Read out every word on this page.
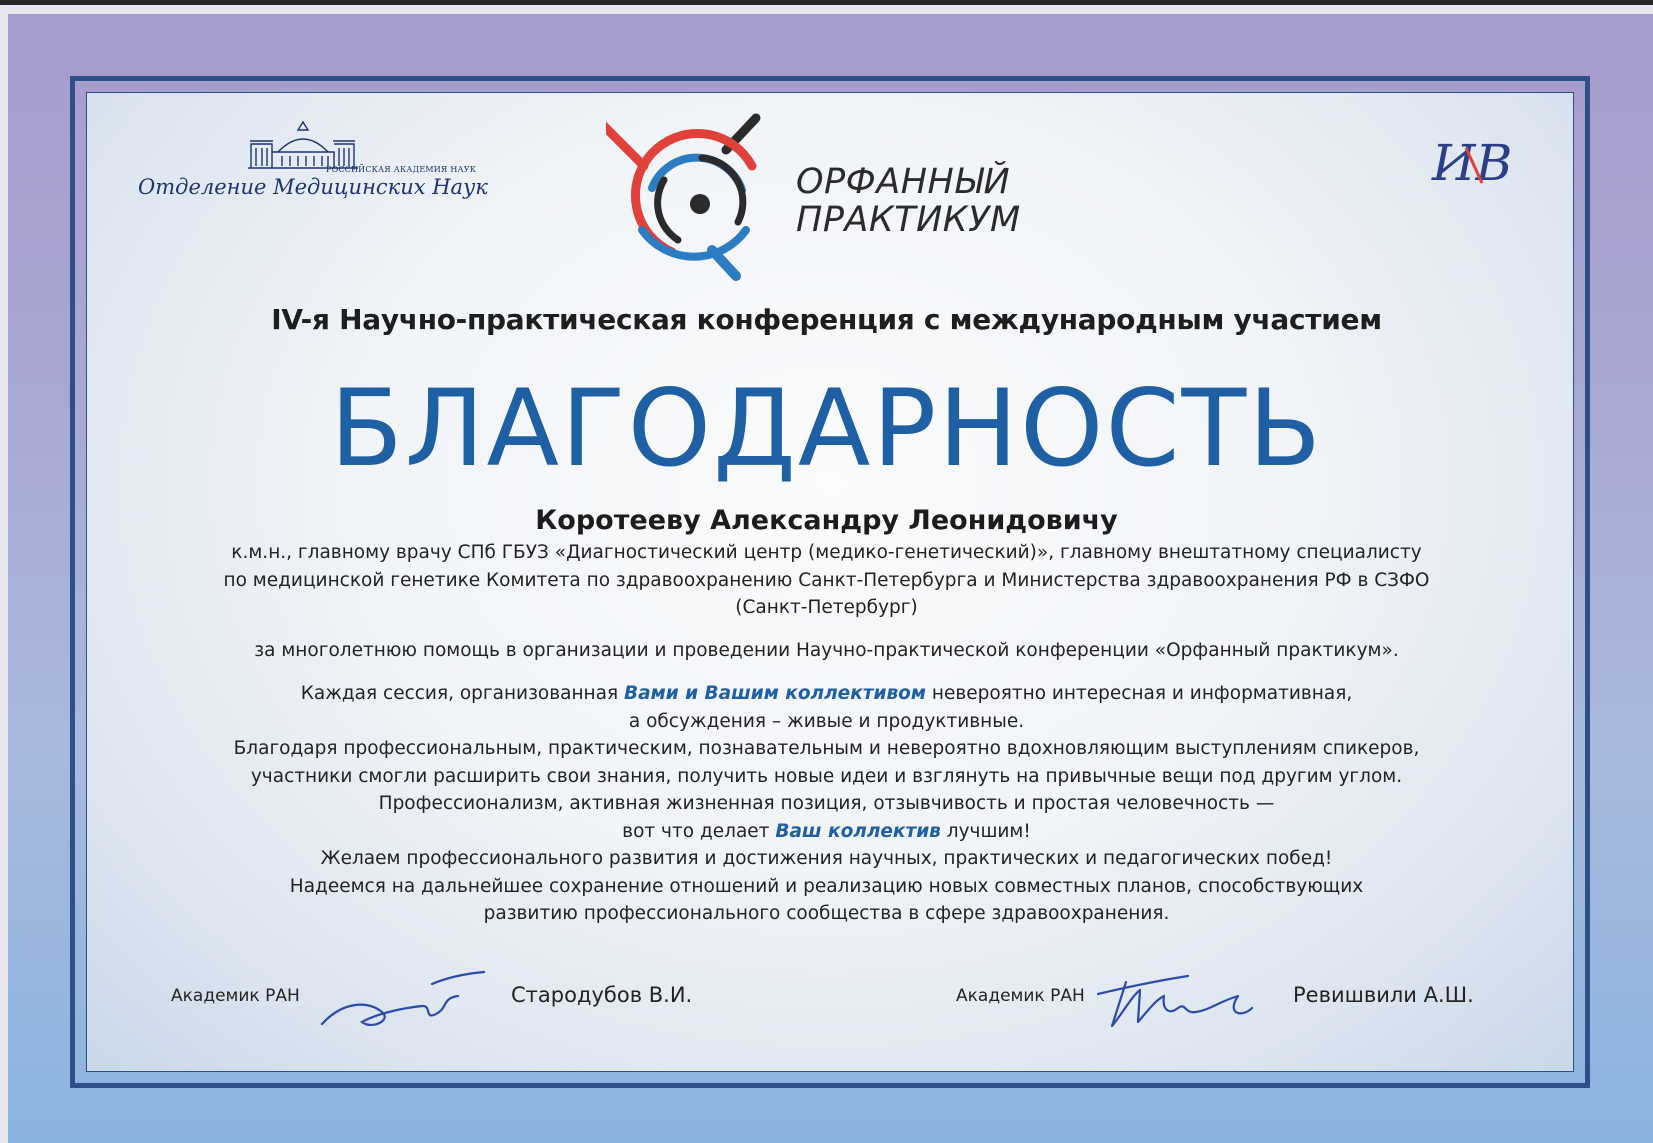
РОССИЙСКАЯ АКАДЕМИЯ НАУК
Отделение Медицинских Наук	ИВ
ОРФАННЫЙ
ПРАКТИКУМ
IV-я Научно-практическая конференция с международным участием
БЛАГОДАРНОСТЬ
Коротееву Александру Леонидовичу
к.м.н., главному врачу СПб ГБУЗ «Диагностический центр (медико-генетический)», главному внештатному специалисту
по медицинской генетике Комитета по здравоохранению Санкт-Петербурга и Министерства здравоохранения РФ в СЗФО
(Санкт-Петербург)
за многолетнюю помощь в организации и проведении Научно-практической конференции «Орфанный практикум».
Каждая сессия, организованная Вами и Вашим коллективом невероятно интересная и информативная,
а обсуждения – живые и продуктивные.
Благодаря профессиональным, практическим, познавательным и невероятно вдохновляющим выступлениям спикеров,
участники смогли расширить свои знания, получить новые идеи и взглянуть на привычные вещи под другим углом.
Профессионализм, активная жизненная позиция, отзывчивость и простая человечность —
вот что делает Ваш коллектив лучшим!
Желаем профессионального развития и достижения научных, практических и педагогических побед!
Надеемся на дальнейшее сохранение отношений и реализацию новых совместных планов, способствующих
развитию профессионального сообщества в сфере здравоохранения.
Академик РАН	Стародубов В.И.	Академик РАН	Ревишвили А.Ш.
